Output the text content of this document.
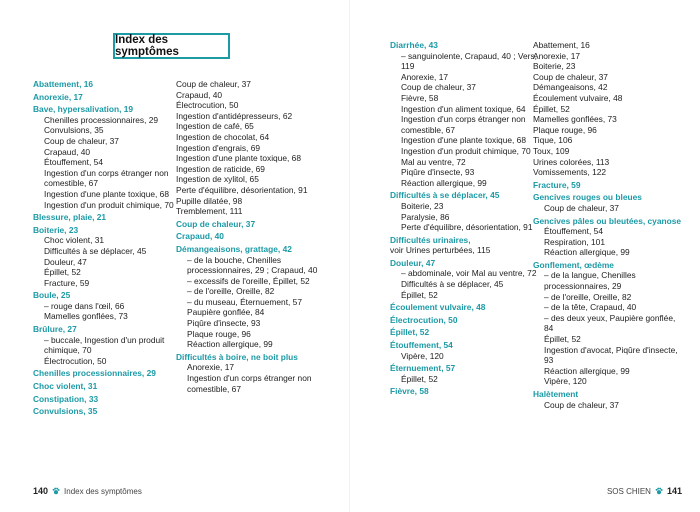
Index des symptômes
Abattement, 16
Anorexie, 17
Bave, hypersalivation, 19
Chenilles processionnaires, 29
Convulsions, 35
Coup de chaleur, 37
Crapaud, 40
Étouffement, 54
Ingestion d'un corps étranger non comestible, 67
Ingestion d'une plante toxique, 68
Ingestion d'un produit chimique, 70
Blessure, plaie, 21
Boiterie, 23
Choc violent, 31
Difficultés à se déplacer, 45
Douleur, 47
Épillet, 52
Fracture, 59
Boule, 25
– rouge dans l'œil, 66
Mamelles gonflées, 73
Brûlure, 27
– buccale, Ingestion d'un produit chimique, 70
Électrocution, 50
Chenilles processionnaires, 29
Choc violent, 31
Constipation, 33
Convulsions, 35
Coup de chaleur, 37
Crapaud, 40
Électrocution, 50
Ingestion d'antidépresseurs, 62
Ingestion de café, 65
Ingestion de chocolat, 64
Ingestion d'engrais, 69
Ingestion d'une plante toxique, 68
Ingestion de raticide, 69
Ingestion de xylitol, 65
Perte d'équilibre, désorientation, 91
Pupille dilatée, 98
Tremblement, 111
Coup de chaleur, 37
Crapaud, 40
Démangeaisons, grattage, 42
– de la bouche, Chenilles processionnaires, 29 ; Crapaud, 40
– excessifs de l'oreille, Épillet, 52
– de l'oreille, Oreille, 82
– du museau, Éternuement, 57
Paupière gonflée, 84
Piqûre d'insecte, 93
Plaque rouge, 96
Réaction allergique, 99
Difficultés à boire, ne boit plus
Anorexie, 17
Ingestion d'un corps étranger non comestible, 67
Diarrhée, 43
– sanguinolente, Crapaud, 40 ; Vers, 119
Anorexie, 17
Coup de chaleur, 37
Fièvre, 58
Ingestion d'un aliment toxique, 64
Ingestion d'un corps étranger non comestible, 67
Ingestion d'une plante toxique, 68
Ingestion d'un produit chimique, 70
Mal au ventre, 72
Piqûre d'insecte, 93
Réaction allergique, 99
Difficultés à se déplacer, 45
Boiterie, 23
Paralysie, 86
Perte d'équilibre, désorientation, 91
Difficultés urinaires,
voir Urines perturbées, 115
Douleur, 47
– abdominale, voir Mal au ventre, 72
Difficultés à se déplacer, 45
Épillet, 52
Écoulement vulvaire, 48
Électrocution, 50
Épillet, 52
Étouffement, 54
Vipère, 120
Éternuement, 57
Épillet, 52
Fièvre, 58
Abattement, 16
Anorexie, 17
Boiterie, 23
Coup de chaleur, 37
Démangeaisons, 42
Écoulement vulvaire, 48
Épillet, 52
Mamelles gonflées, 73
Plaque rouge, 96
Tique, 106
Toux, 109
Urines colorées, 113
Vomissements, 122
Fracture, 59
Gencives rouges ou bleues
Coup de chaleur, 37
Gencives pâles ou bleutées, cyanose
Étouffement, 54
Respiration, 101
Réaction allergique, 99
Gonflement, œdème
– de la langue, Chenilles processionnaires, 29
– de l'oreille, Oreille, 82
– de la tête, Crapaud, 40
– des deux yeux, Paupière gonflée, 84
Épillet, 52
Ingestion d'avocat, Piqûre d'insecte, 93
Réaction allergique, 99
Vipère, 120
Halètement
Coup de chaleur, 37
140 Index des symptômes	SOS CHIEN 141
